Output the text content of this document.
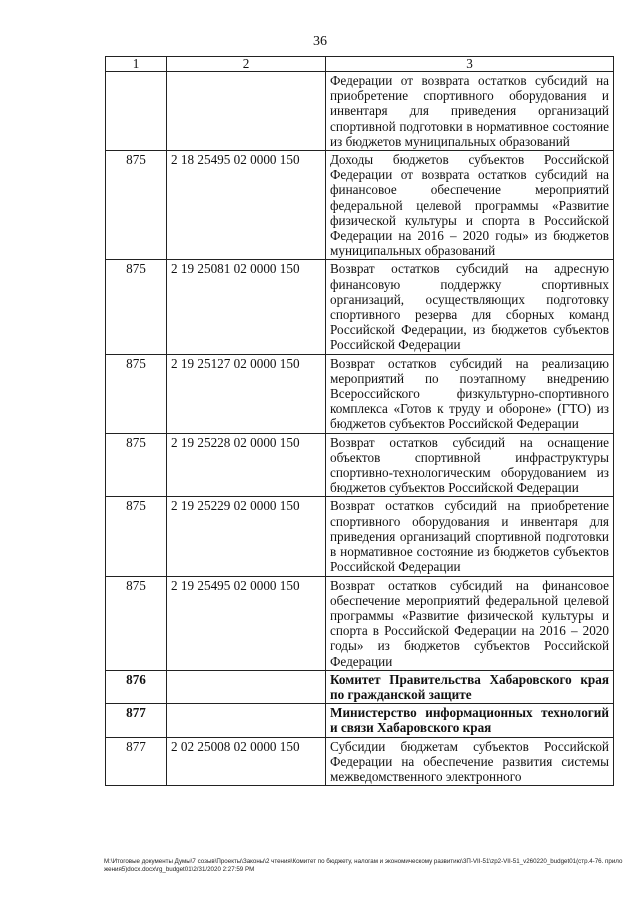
36
1	2	3
		Федерации от возврата остатков субсидий на приобретение спортивного оборудования и инвентаря для приведения организаций спортивной подготовки в нормативное состояние из бюджетов муниципальных образований
875	2 18 25495 02 0000 150	Доходы бюджетов субъектов Российской Федерации от возврата остатков субсидий на финансовое обеспечение мероприятий федеральной целевой программы «Развитие физической культуры и спорта в Российской Федерации на 2016 – 2020 годы» из бюджетов муниципальных образований
875	2 19 25081 02 0000 150	Возврат остатков субсидий на адресную финансовую поддержку спортивных организаций, осуществляющих подготовку спортивного резерва для сборных команд Российской Федерации, из бюджетов субъектов Российской Федерации
875	2 19 25127 02 0000 150	Возврат остатков субсидий на реализацию мероприятий по поэтапному внедрению Всероссийского физкультурно-спортивного комплекса «Готов к труду и обороне» (ГТО) из бюджетов субъектов Российской Федерации
875	2 19 25228 02 0000 150	Возврат остатков субсидий на оснащение объектов спортивной инфраструктуры спортивно-технологическим оборудованием из бюджетов субъектов Российской Федерации
875	2 19 25229 02 0000 150	Возврат остатков субсидий на приобретение спортивного оборудования и инвентаря для приведения организаций спортивной подготовки в нормативное состояние из бюджетов субъектов Российской Федерации
875	2 19 25495 02 0000 150	Возврат остатков субсидий на финансовое обеспечение мероприятий федеральной целевой программы «Развитие физической культуры и спорта в Российской Федерации на 2016 – 2020 годы» из бюджетов субъектов Российской Федерации
876		Комитет Правительства Хабаровского края по гражданской защите
877		Министерство информационных технологий и связи Хабаровского края
877	2 02 25008 02 0000 150	Субсидии бюджетам субъектов Российской Федерации на обеспечение развития системы межведомственного электронного
M:\Итоговые документы Думы\7 созыв\Проекты\Законы\2 чтения\Комитет по бюджету, налогам и экономическому развитию\3П-VII-51\zp2-VII-51_v260220_budget01(стр.4-76. приложения5)docx.docx\rg_budget01\2/31/2020 2:27:59 PM
